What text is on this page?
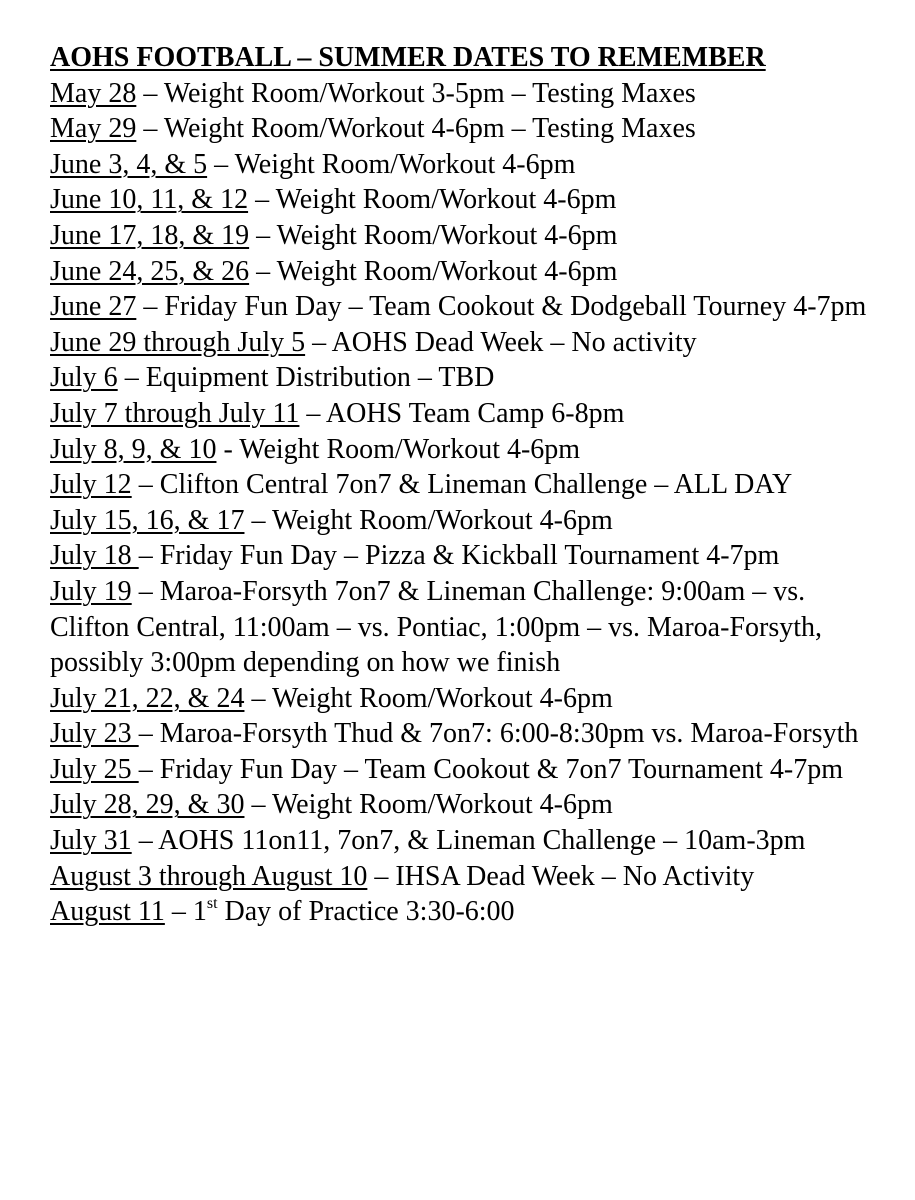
AOHS FOOTBALL – SUMMER DATES TO REMEMBER

May 28 – Weight Room/Workout 3-5pm – Testing Maxes

May 29 – Weight Room/Workout 4-6pm – Testing Maxes

June 3, 4, & 5 – Weight Room/Workout 4-6pm

June 10, 11, & 12 – Weight Room/Workout 4-6pm

June 17, 18, & 19 – Weight Room/Workout 4-6pm

June 24, 25, & 26 – Weight Room/Workout 4-6pm

June 27 – Friday Fun Day – Team Cookout & Dodgeball Tourney 4-7pm

June 29 through July 5 – AOHS Dead Week – No activity

July 6 – Equipment Distribution – TBD

July 7 through July 11 – AOHS Team Camp 6-8pm

July 8, 9, & 10 - Weight Room/Workout 4-6pm

July 12 – Clifton Central 7on7 & Lineman Challenge – ALL DAY

July 15, 16, & 17 – Weight Room/Workout 4-6pm

July 18 – Friday Fun Day – Pizza & Kickball Tournament 4-7pm

July 19 – Maroa-Forsyth 7on7 & Lineman Challenge: 9:00am – vs. Clifton Central, 11:00am – vs. Pontiac, 1:00pm – vs. Maroa-Forsyth, possibly 3:00pm depending on how we finish

July 21, 22, & 24 – Weight Room/Workout 4-6pm

July 23 – Maroa-Forsyth Thud & 7on7: 6:00-8:30pm vs. Maroa-Forsyth

July 25 – Friday Fun Day – Team Cookout & 7on7 Tournament 4-7pm

July 28, 29, & 30 – Weight Room/Workout 4-6pm

July 31 – AOHS 11on11, 7on7, & Lineman Challenge – 10am-3pm

August 3 through August 10 – IHSA Dead Week – No Activity

August 11 – 1st Day of Practice 3:30-6:00
